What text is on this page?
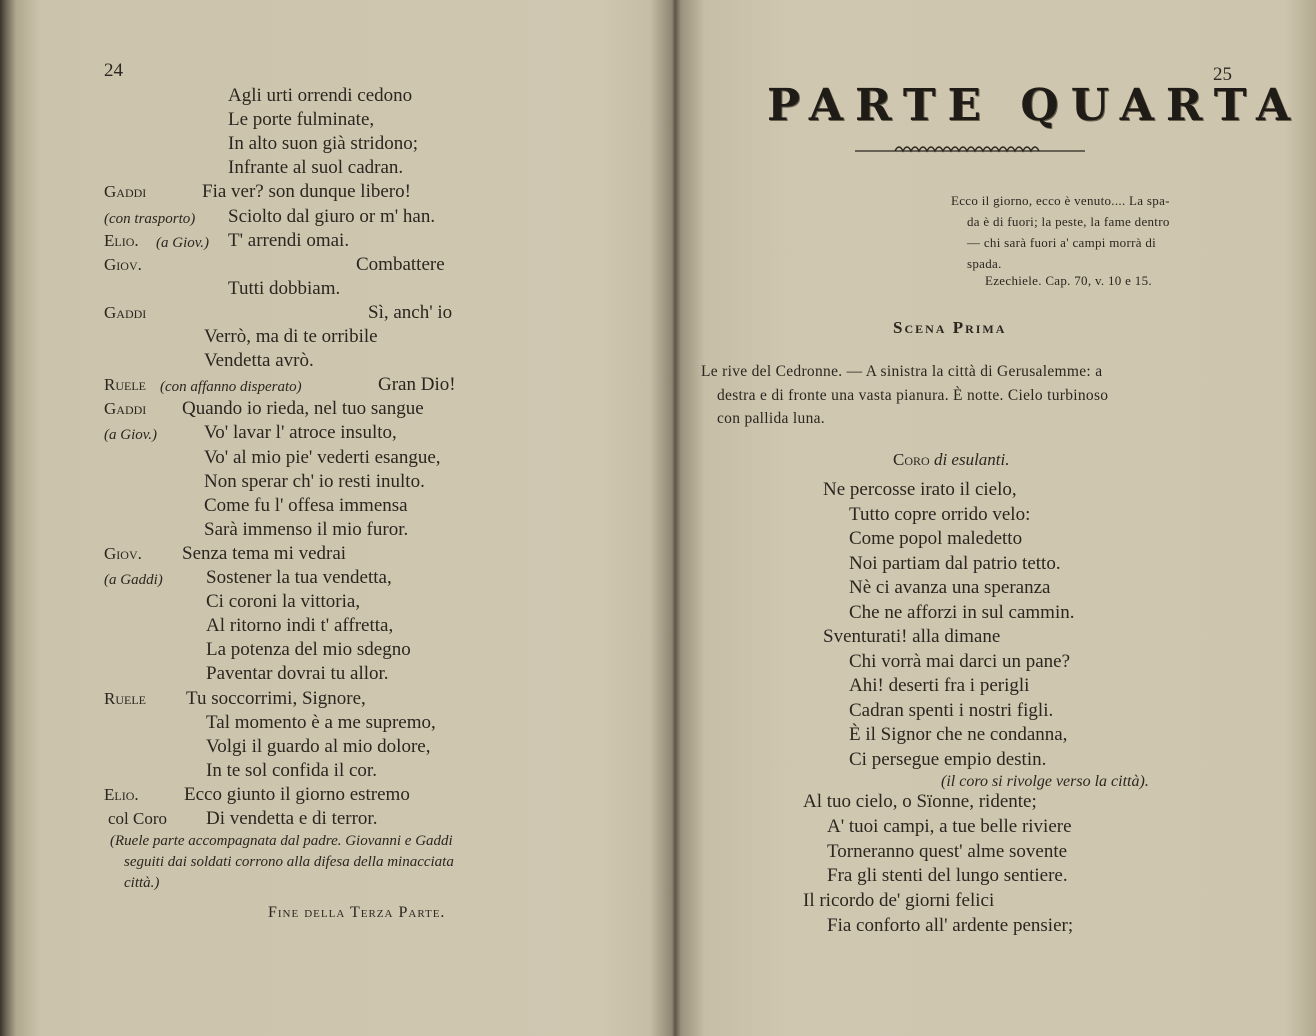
24
Agli urti orrendi cedono
Le porte fulminate,
In alto suon già stridono;
Infrante al suol cadran.
Gaddi	Fia ver? son dunque libero!
(con trasporto) Sciolto dal giuro or m' han.
Elio. (a Giov.) T' arrendi omai.
Giov.	Combattere
Tutti dobbiam.
Gaddi	Sì, anch' io
Verrò, ma di te orribile
Vendetta avrò.
Ruele (con affanno disperato)	Gran Dio!
Gaddi Quando io rieda, nel tuo sangue
(a Giov.) Vo' lavar l' atroce insulto,
Vo' al mio pie' vederti esangue,
Non sperar ch' io resti inulto.
Come fu l' offesa immensa
Sarà immenso il mio furor.
Giov. Senza tema mi vedrai
(a Gaddi) Sostener la tua vendetta,
Ci coroni la vittoria,
Al ritorno indi t' affretta,
La potenza del mio sdegno
Paventar dovrai tu allor.
Ruele Tu soccorrimi, Signore,
Tal momento è a me supremo,
Volgi il guardo al mio dolore,
In te sol confida il cor.
Elio. Ecco giunto il giorno estremo
col Coro Di vendetta e di terror.
(Ruele parte accompagnata dal padre. Giovanni e Gaddi
seguiti dai soldati corrono alla difesa della minacciata
città.)
Fine della Terza Parte.
25
PARTE QUARTA
Ecco il giorno, ecco è venuto.... La spa-
da è di fuori; la peste, la fame dentro
— chi sarà fuori a' campi morrà di
spada.
Ezechiele. Cap. 70, v. 10 e 15.
Scena Prima
Le rive del Cedronne. — A sinistra la città di Gerusalemme: a
destra e di fronte una vasta pianura. È notte. Cielo turbinoso
con pallida luna.
Coro di esulanti.
Ne percosse irato il cielo,
Tutto copre orrido velo:
Come popol maledetto
Noi partiam dal patrio tetto.
Nè ci avanza una speranza
Che ne afforzi in sul cammin.
Sventurati! alla dimane
Chi vorrà mai darci un pane?
Ahi! deserti fra i perigli
Cadran spenti i nostri figli.
È il Signor che ne condanna,
Ci persegue empio destin.
(il coro si rivolge verso la città).
Al tuo cielo, o Sïonne, ridente;
A' tuoi campi, a tue belle riviere
Torneranno quest' alme sovente
Fra gli stenti del lungo sentiere.
Il ricordo de' giorni felici
Fia conforto all' ardente pensier;
